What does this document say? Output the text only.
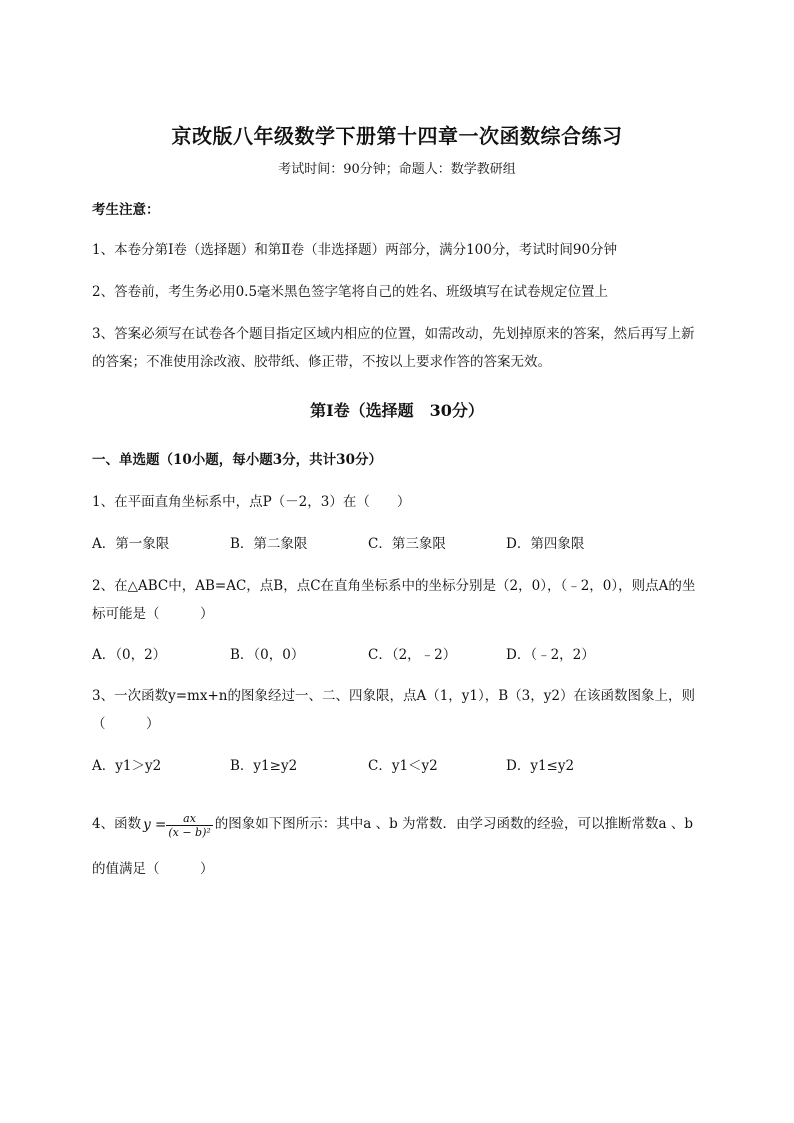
京改版八年级数学下册第十四章一次函数综合练习
考试时间：90分钟；命题人：数学教研组
考生注意：
1、本卷分第I卷（选择题）和第Ⅱ卷（非选择题）两部分，满分100分，考试时间90分钟
2、答卷前，考生务必用0.5毫米黑色签字笔将自己的姓名、班级填写在试卷规定位置上
3、答案必须写在试卷各个题目指定区域内相应的位置，如需改动，先划掉原来的答案，然后再写上新的答案；不准使用涂改液、胶带纸、修正带，不按以上要求作答的答案无效。
第I卷（选择题　30分）
一、单选题（10小题，每小题3分，共计30分）
1、在平面直角坐标系中，点P（－2，3）在（　　）
A．第一象限	B．第二象限	C．第三象限	D．第四象限
2、在△ABC中，AB=AC，点B，点C在直角坐标系中的坐标分别是（2，0），（﹣2，0），则点A的坐标可能是（　　　）
A．（0，2）	B．（0，0）	C．（2，﹣2）	D．（﹣2，2）
3、一次函数y=mx+n的图象经过一、二、四象限，点A（1，y1），B（3，y2）在该函数图象上，则（　　　）
A．y1＞y2	B．y1≥y2	C．y1＜y2	D．y1≤y2
4、函数 $y = \frac{ax}{\text{(x − b)²}}$ 的图象如下图所示：其中a 、b 为常数．由学习函数的经验，可以推断常数a 、b
的值满足（　　　）
